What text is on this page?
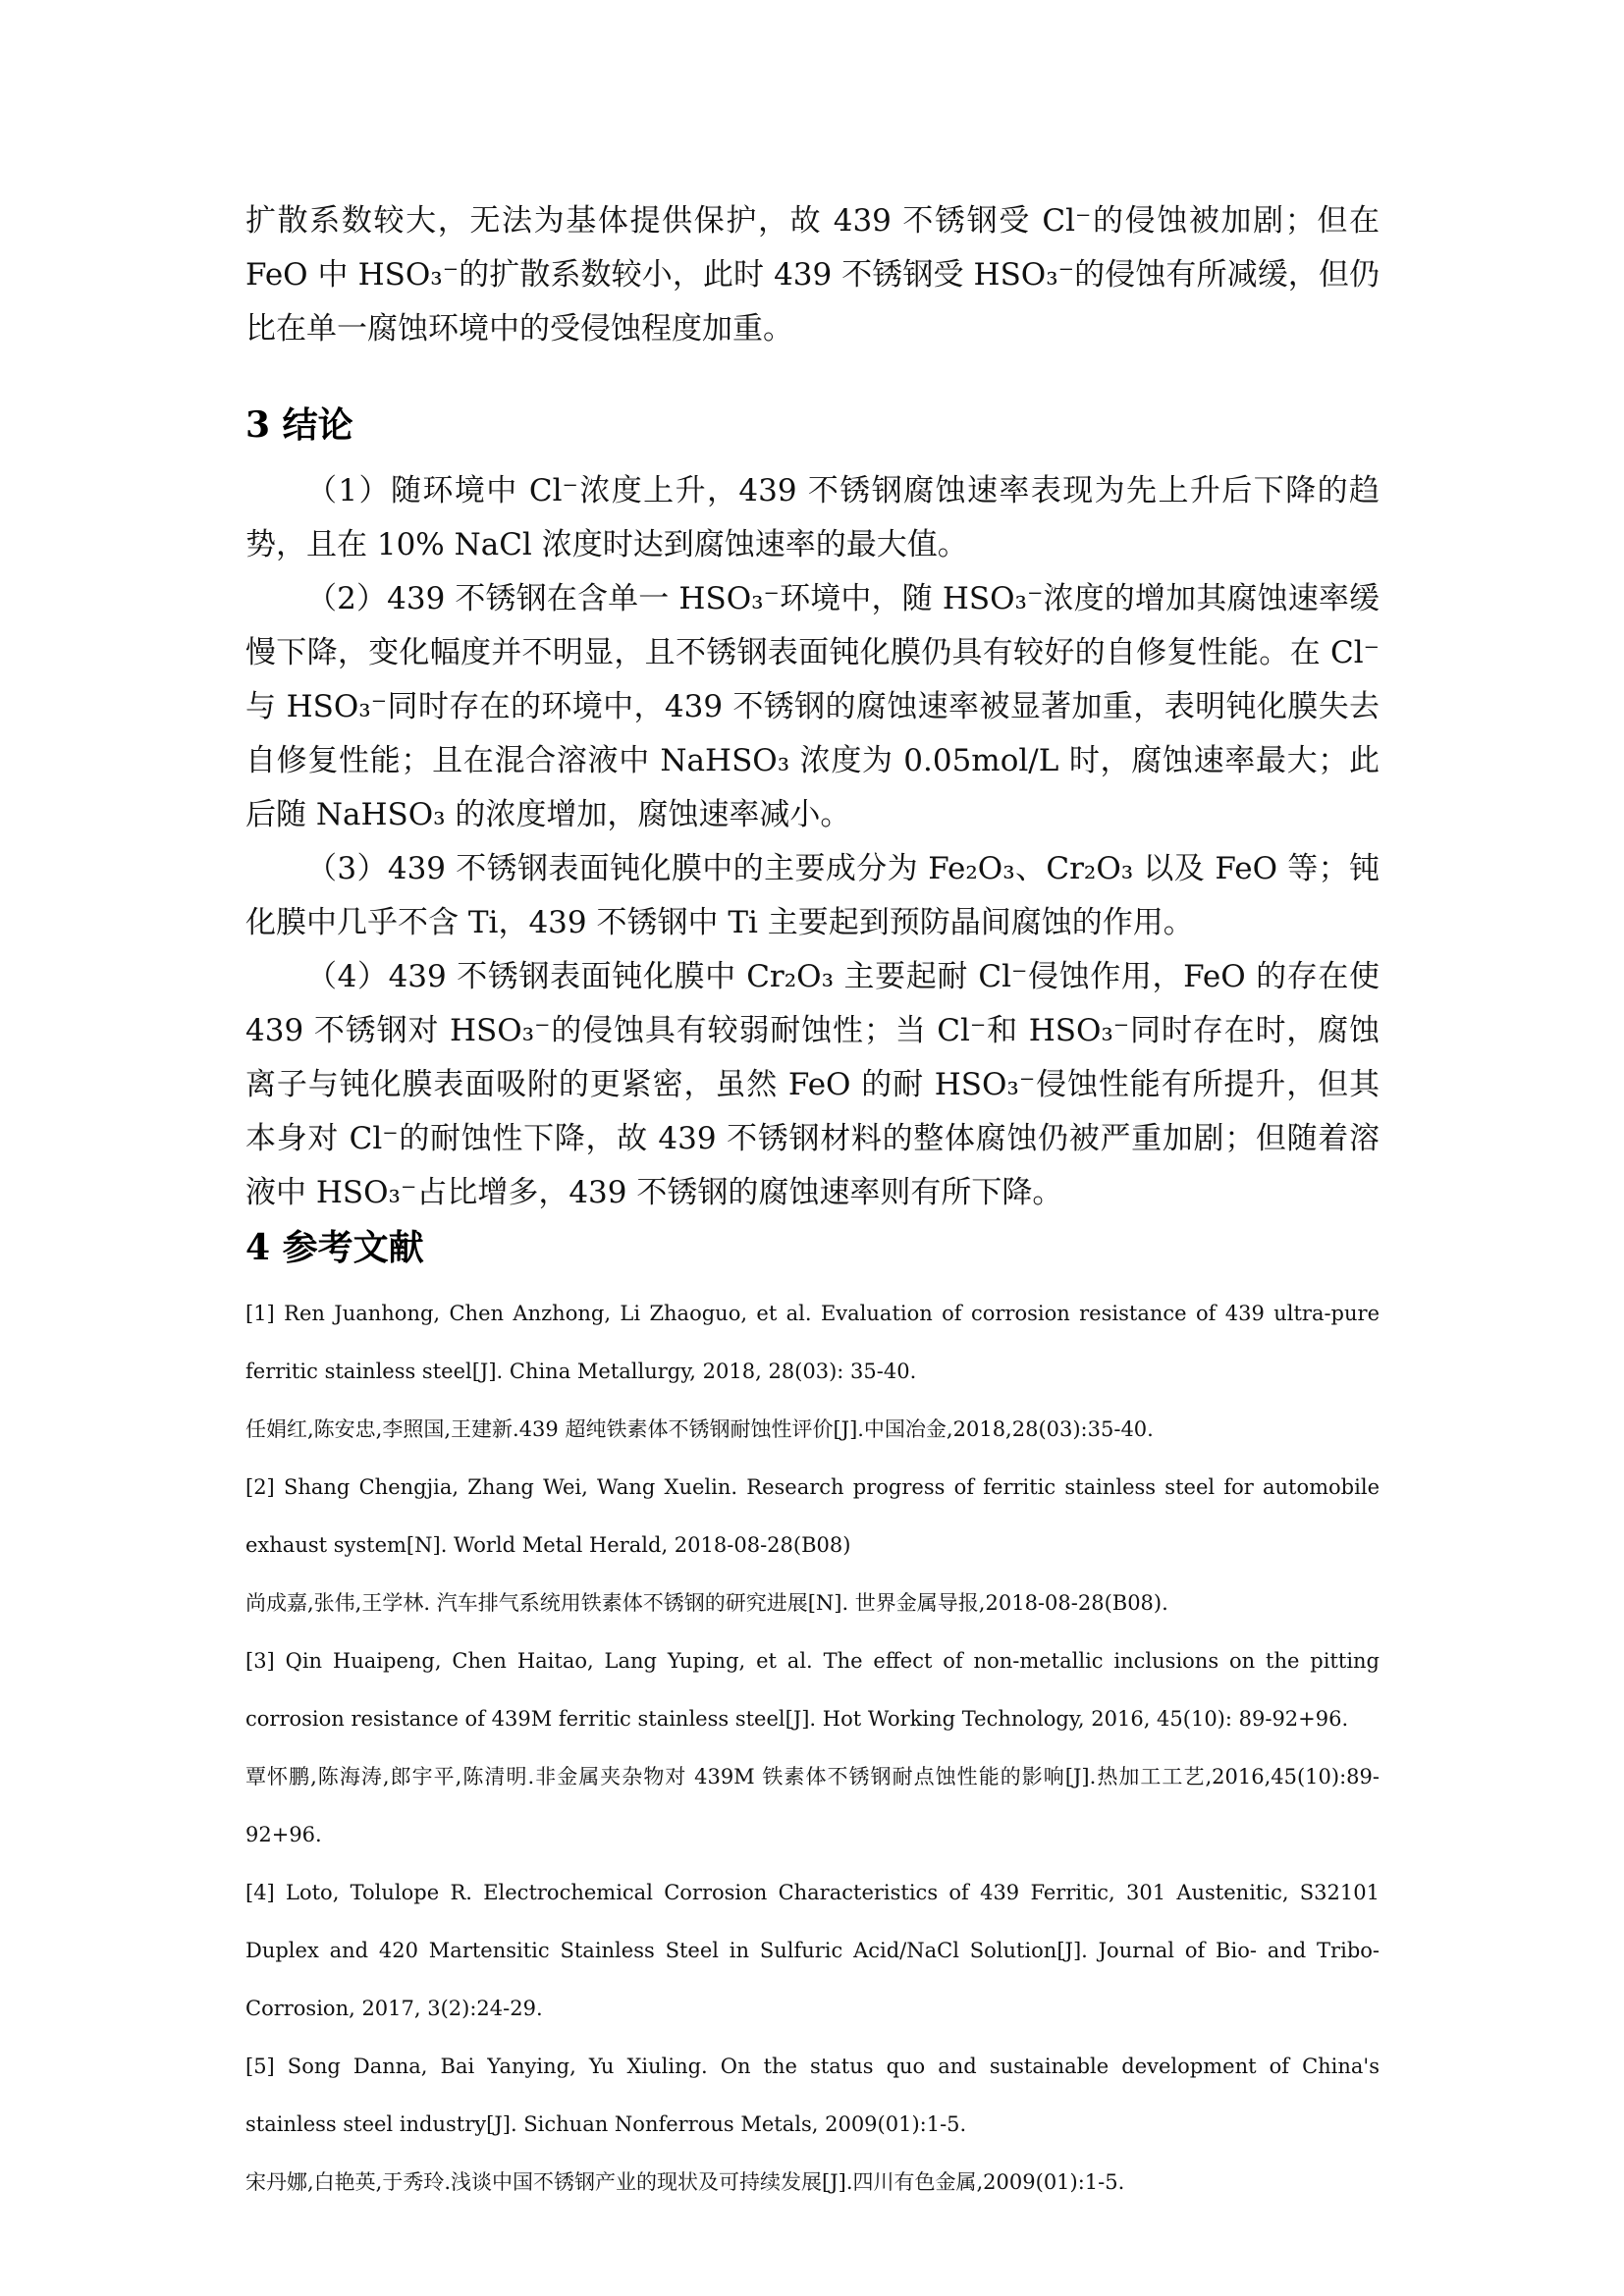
扩散系数较大，无法为基体提供保护，故 439 不锈钢受 Cl⁻的侵蚀被加剧；但在 FeO 中 HSO₃⁻的扩散系数较小，此时 439 不锈钢受 HSO₃⁻的侵蚀有所减缓，但仍比在单一腐蚀环境中的受侵蚀程度加重。

3 结论

（1）随环境中 Cl⁻浓度上升，439 不锈钢腐蚀速率表现为先上升后下降的趋势，且在 10% NaCl 浓度时达到腐蚀速率的最大值。

（2）439 不锈钢在含单一 HSO₃⁻环境中，随 HSO₃⁻浓度的增加其腐蚀速率缓慢下降，变化幅度并不明显，且不锈钢表面钝化膜仍具有较好的自修复性能。在 Cl⁻与 HSO₃⁻同时存在的环境中，439 不锈钢的腐蚀速率被显著加重，表明钝化膜失去自修复性能；且在混合溶液中 NaHSO₃ 浓度为 0.05mol/L 时，腐蚀速率最大；此后随 NaHSO₃ 的浓度增加，腐蚀速率减小。

（3）439 不锈钢表面钝化膜中的主要成分为 Fe₂O₃、Cr₂O₃ 以及 FeO 等；钝化膜中几乎不含 Ti，439 不锈钢中 Ti 主要起到预防晶间腐蚀的作用。

（4）439 不锈钢表面钝化膜中 Cr₂O₃ 主要起耐 Cl⁻侵蚀作用，FeO 的存在使 439 不锈钢对 HSO₃⁻的侵蚀具有较弱耐蚀性；当 Cl⁻和 HSO₃⁻同时存在时，腐蚀离子与钝化膜表面吸附的更紧密，虽然 FeO 的耐 HSO₃⁻侵蚀性能有所提升，但其本身对 Cl⁻的耐蚀性下降，故 439 不锈钢材料的整体腐蚀仍被严重加剧；但随着溶液中 HSO₃⁻占比增多，439 不锈钢的腐蚀速率则有所下降。

4 参考文献

[1] Ren Juanhong, Chen Anzhong, Li Zhaoguo, et al. Evaluation of corrosion resistance of 439 ultra-pure ferritic stainless steel[J]. China Metallurgy, 2018, 28(03): 35-40.

任娟红,陈安忠,李照国,王建新.439 超纯铁素体不锈钢耐蚀性评价[J].中国冶金,2018,28(03):35-40.

[2] Shang Chengjia, Zhang Wei, Wang Xuelin. Research progress of ferritic stainless steel for automobile exhaust system[N]. World Metal Herald, 2018-08-28(B08)

尚成嘉,张伟,王学林. 汽车排气系统用铁素体不锈钢的研究进展[N]. 世界金属导报,2018-08-28(B08).

[3] Qin Huaipeng, Chen Haitao, Lang Yuping, et al. The effect of non-metallic inclusions on the pitting corrosion resistance of 439M ferritic stainless steel[J]. Hot Working Technology, 2016, 45(10): 89-92+96.

覃怀鹏,陈海涛,郎宇平,陈清明.非金属夹杂物对 439M 铁素体不锈钢耐点蚀性能的影响[J].热加工工艺,2016,45(10):89-92+96.

[4] Loto, Tolulope R. Electrochemical Corrosion Characteristics of 439 Ferritic, 301 Austenitic, S32101 Duplex and 420 Martensitic Stainless Steel in Sulfuric Acid/NaCl Solution[J]. Journal of Bio- and Tribo-Corrosion, 2017, 3(2):24-29.

[5] Song Danna, Bai Yanying, Yu Xiuling. On the status quo and sustainable development of China's stainless steel industry[J]. Sichuan Nonferrous Metals, 2009(01):1-5.

宋丹娜,白艳英,于秀玲.浅谈中国不锈钢产业的现状及可持续发展[J].四川有色金属,2009(01):1-5.
